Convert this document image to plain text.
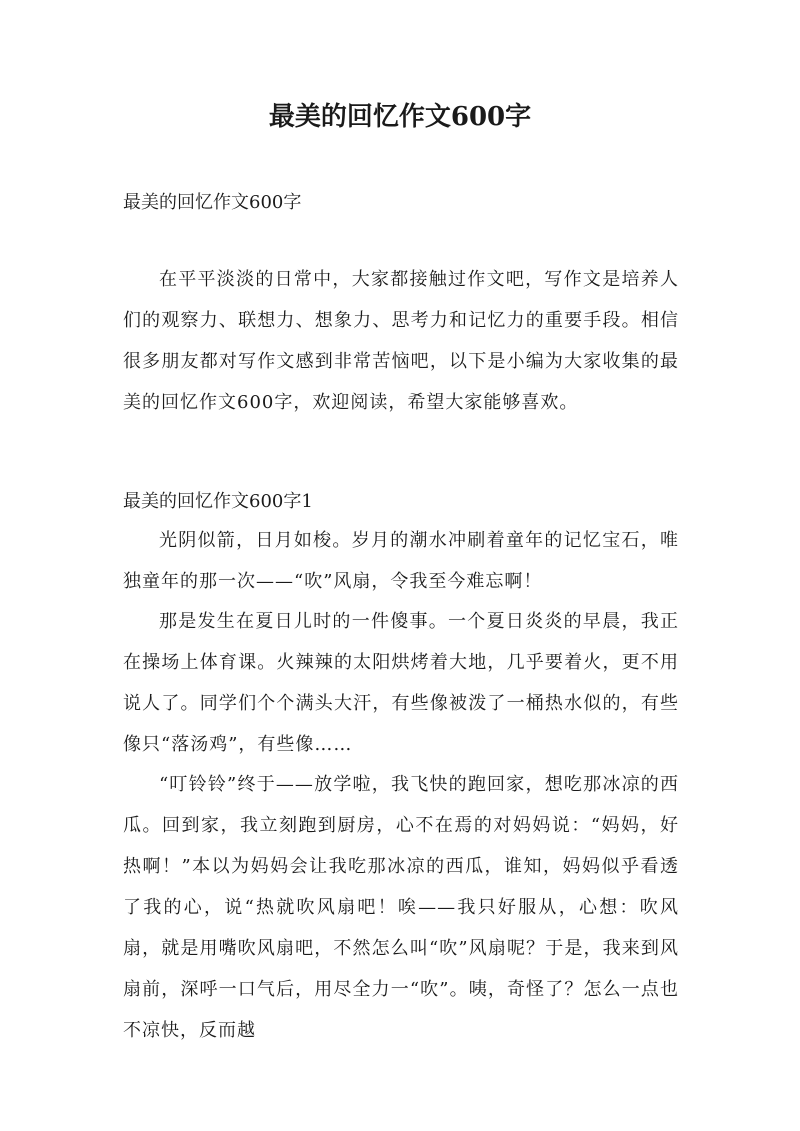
最美的回忆作文600字

最美的回忆作文600字

在平平淡淡的日常中，大家都接触过作文吧，写作文是培养人们的观察力、联想力、想象力、思考力和记忆力的重要手段。相信很多朋友都对写作文感到非常苦恼吧，以下是小编为大家收集的最美的回忆作文600字，欢迎阅读，希望大家能够喜欢。

最美的回忆作文600字1

光阴似箭，日月如梭。岁月的潮水冲刷着童年的记忆宝石，唯独童年的那一次——“吹”风扇，令我至今难忘啊！

那是发生在夏日儿时的一件傻事。一个夏日炎炎的早晨，我正在操场上体育课。火辣辣的太阳烘烤着大地，几乎要着火，更不用说人了。同学们个个满头大汗，有些像被泼了一桶热水似的，有些像只“落汤鸡”，有些像……

“叮铃铃”终于——放学啦，我飞快的跑回家，想吃那冰凉的西瓜。回到家，我立刻跑到厨房，心不在焉的对妈妈说：“妈妈，好热啊！”本以为妈妈会让我吃那冰凉的西瓜，谁知，妈妈似乎看透了我的心，说“热就吹风扇吧！唉——我只好服从，心想：吹风扇，就是用嘴吹风扇吧，不然怎么叫“吹”风扇呢？于是，我来到风扇前，深呼一口气后，用尽全力一“吹”。咦，奇怪了？怎么一点也不凉快，反而越
